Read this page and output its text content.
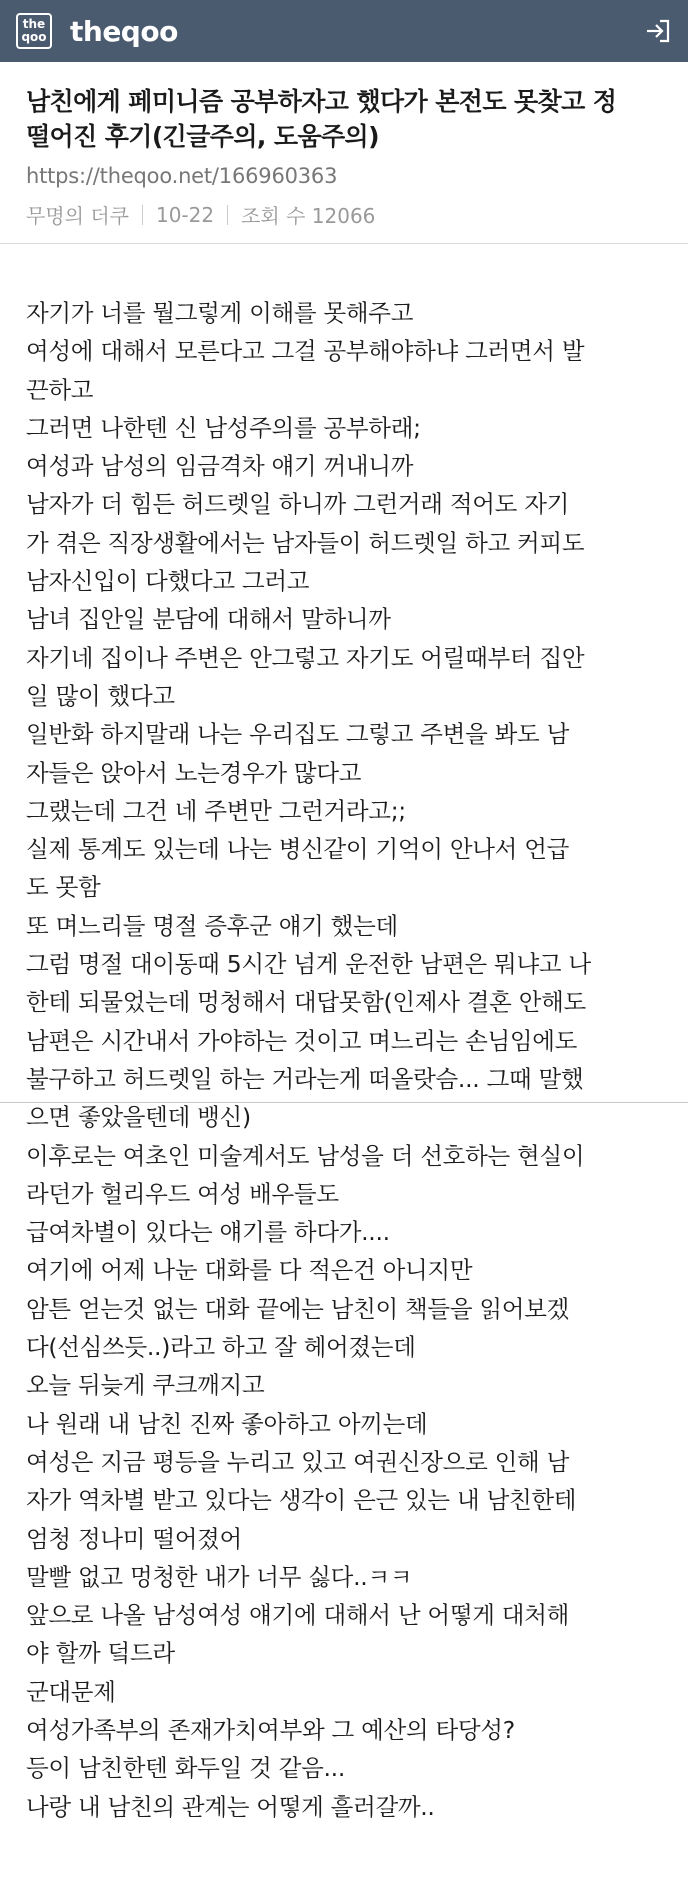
the
qoo theqoo
남친에게 페미니즘 공부하자고 했다가 본전도 못찾고 정
떨어진 후기(긴글주의, 도움주의)
https://theqoo.net/166960363
무명의 더쿠 10-22 조회 수 12066
자기가 너를 뭘그렇게 이해를 못해주고
여성에 대해서 모른다고 그걸 공부해야하냐 그러면서 발
끈하고
그러면 나한텐 신 남성주의를 공부하래;
여성과 남성의 임금격차 얘기 꺼내니까
남자가 더 힘든 허드렛일 하니까 그런거래 적어도 자기
가 겪은 직장생활에서는 남자들이 허드렛일 하고 커피도
남자신입이 다했다고 그러고
남녀 집안일 분담에 대해서 말하니까
자기네 집이나 주변은 안그렇고 자기도 어릴때부터 집안
일 많이 했다고
일반화 하지말래 나는 우리집도 그렇고 주변을 봐도 남
자들은 앉아서 노는경우가 많다고
그랬는데 그건 네 주변만 그런거라고;;
실제 통계도 있는데 나는 병신같이 기억이 안나서 언급
도 못함
또 며느리들 명절 증후군 얘기 했는데
그럼 명절 대이동때 5시간 넘게 운전한 남편은 뭐냐고 나
한테 되물었는데 멍청해서 대답못함(인제사 결혼 안해도
남편은 시간내서 가야하는 것이고 며느리는 손님임에도
불구하고 허드렛일 하는 거라는게 떠올랏슴... 그때 말했
으면 좋았을텐데 뱅신)
이후로는 여초인 미술계서도 남성을 더 선호하는 현실이
라던가 헐리우드 여성 배우들도
급여차별이 있다는 얘기를 하다가....
여기에 어제 나눈 대화를 다 적은건 아니지만
암튼 얻는것 없는 대화 끝에는 남친이 책들을 읽어보겠
다(선심쓰듯..)라고 하고 잘 헤어졌는데
오늘 뒤늦게 쿠크깨지고
나 원래 내 남친 진짜 좋아하고 아끼는데
여성은 지금 평등을 누리고 있고 여권신장으로 인해 남
자가 역차별 받고 있다는 생각이 은근 있는 내 남친한테
엄청 정나미 떨어졌어
말빨 없고 멍청한 내가 너무 싫다..ㅋㅋ
앞으로 나올 남성여성 얘기에 대해서 난 어떻게 대처해
야 할까 덬드라
군대문제
여성가족부의 존재가치여부와 그 예산의 타당성?
등이 남친한텐 화두일 것 같음...
나랑 내 남친의 관계는 어떻게 흘러갈까..
